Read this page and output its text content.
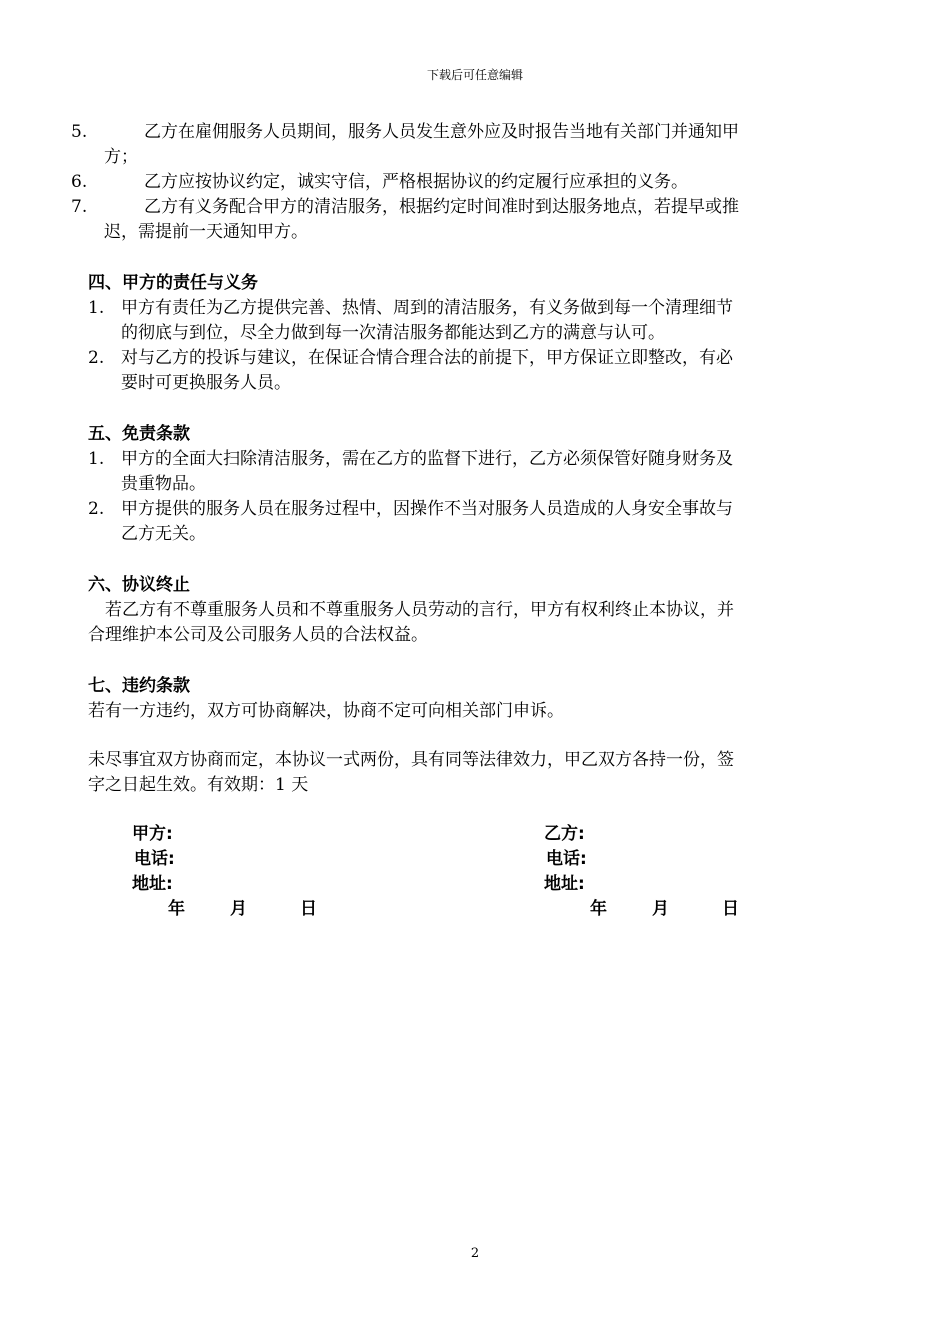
下载后可任意编辑
5.	乙方在雇佣服务人员期间，服务人员发生意外应及时报告当地有关部门并通知甲
方；
6.	乙方应按协议约定，诚实守信，严格根据协议的约定履行应承担的义务。
7.	乙方有义务配合甲方的清洁服务，根据约定时间准时到达服务地点，若提早或推
迟，需提前一天通知甲方。
四、甲方的责任与义务
1. 甲方有责任为乙方提供完善、热情、周到的清洁服务，有义务做到每一个清理细节
的彻底与到位，尽全力做到每一次清洁服务都能达到乙方的满意与认可。
2. 对与乙方的投诉与建议，在保证合情合理合法的前提下，甲方保证立即整改，有必
要时可更换服务人员。
五、免责条款
1. 甲方的全面大扫除清洁服务，需在乙方的监督下进行，乙方必须保管好随身财务及
贵重物品。
2. 甲方提供的服务人员在服务过程中，因操作不当对服务人员造成的人身安全事故与
乙方无关。
六、协议终止
若乙方有不尊重服务人员和不尊重服务人员劳动的言行，甲方有权利终止本协议，并
合理维护本公司及公司服务人员的合法权益。
七、违约条款
若有一方违约，双方可协商解决，协商不定可向相关部门申诉。
未尽事宜双方协商而定，本协议一式两份，具有同等法律效力，甲乙双方各持一份，签
字之日起生效。有效期：1 天
甲方:
电话:
地址:
年	月	日
乙方:
电话:
地址:
年	月	日
2
